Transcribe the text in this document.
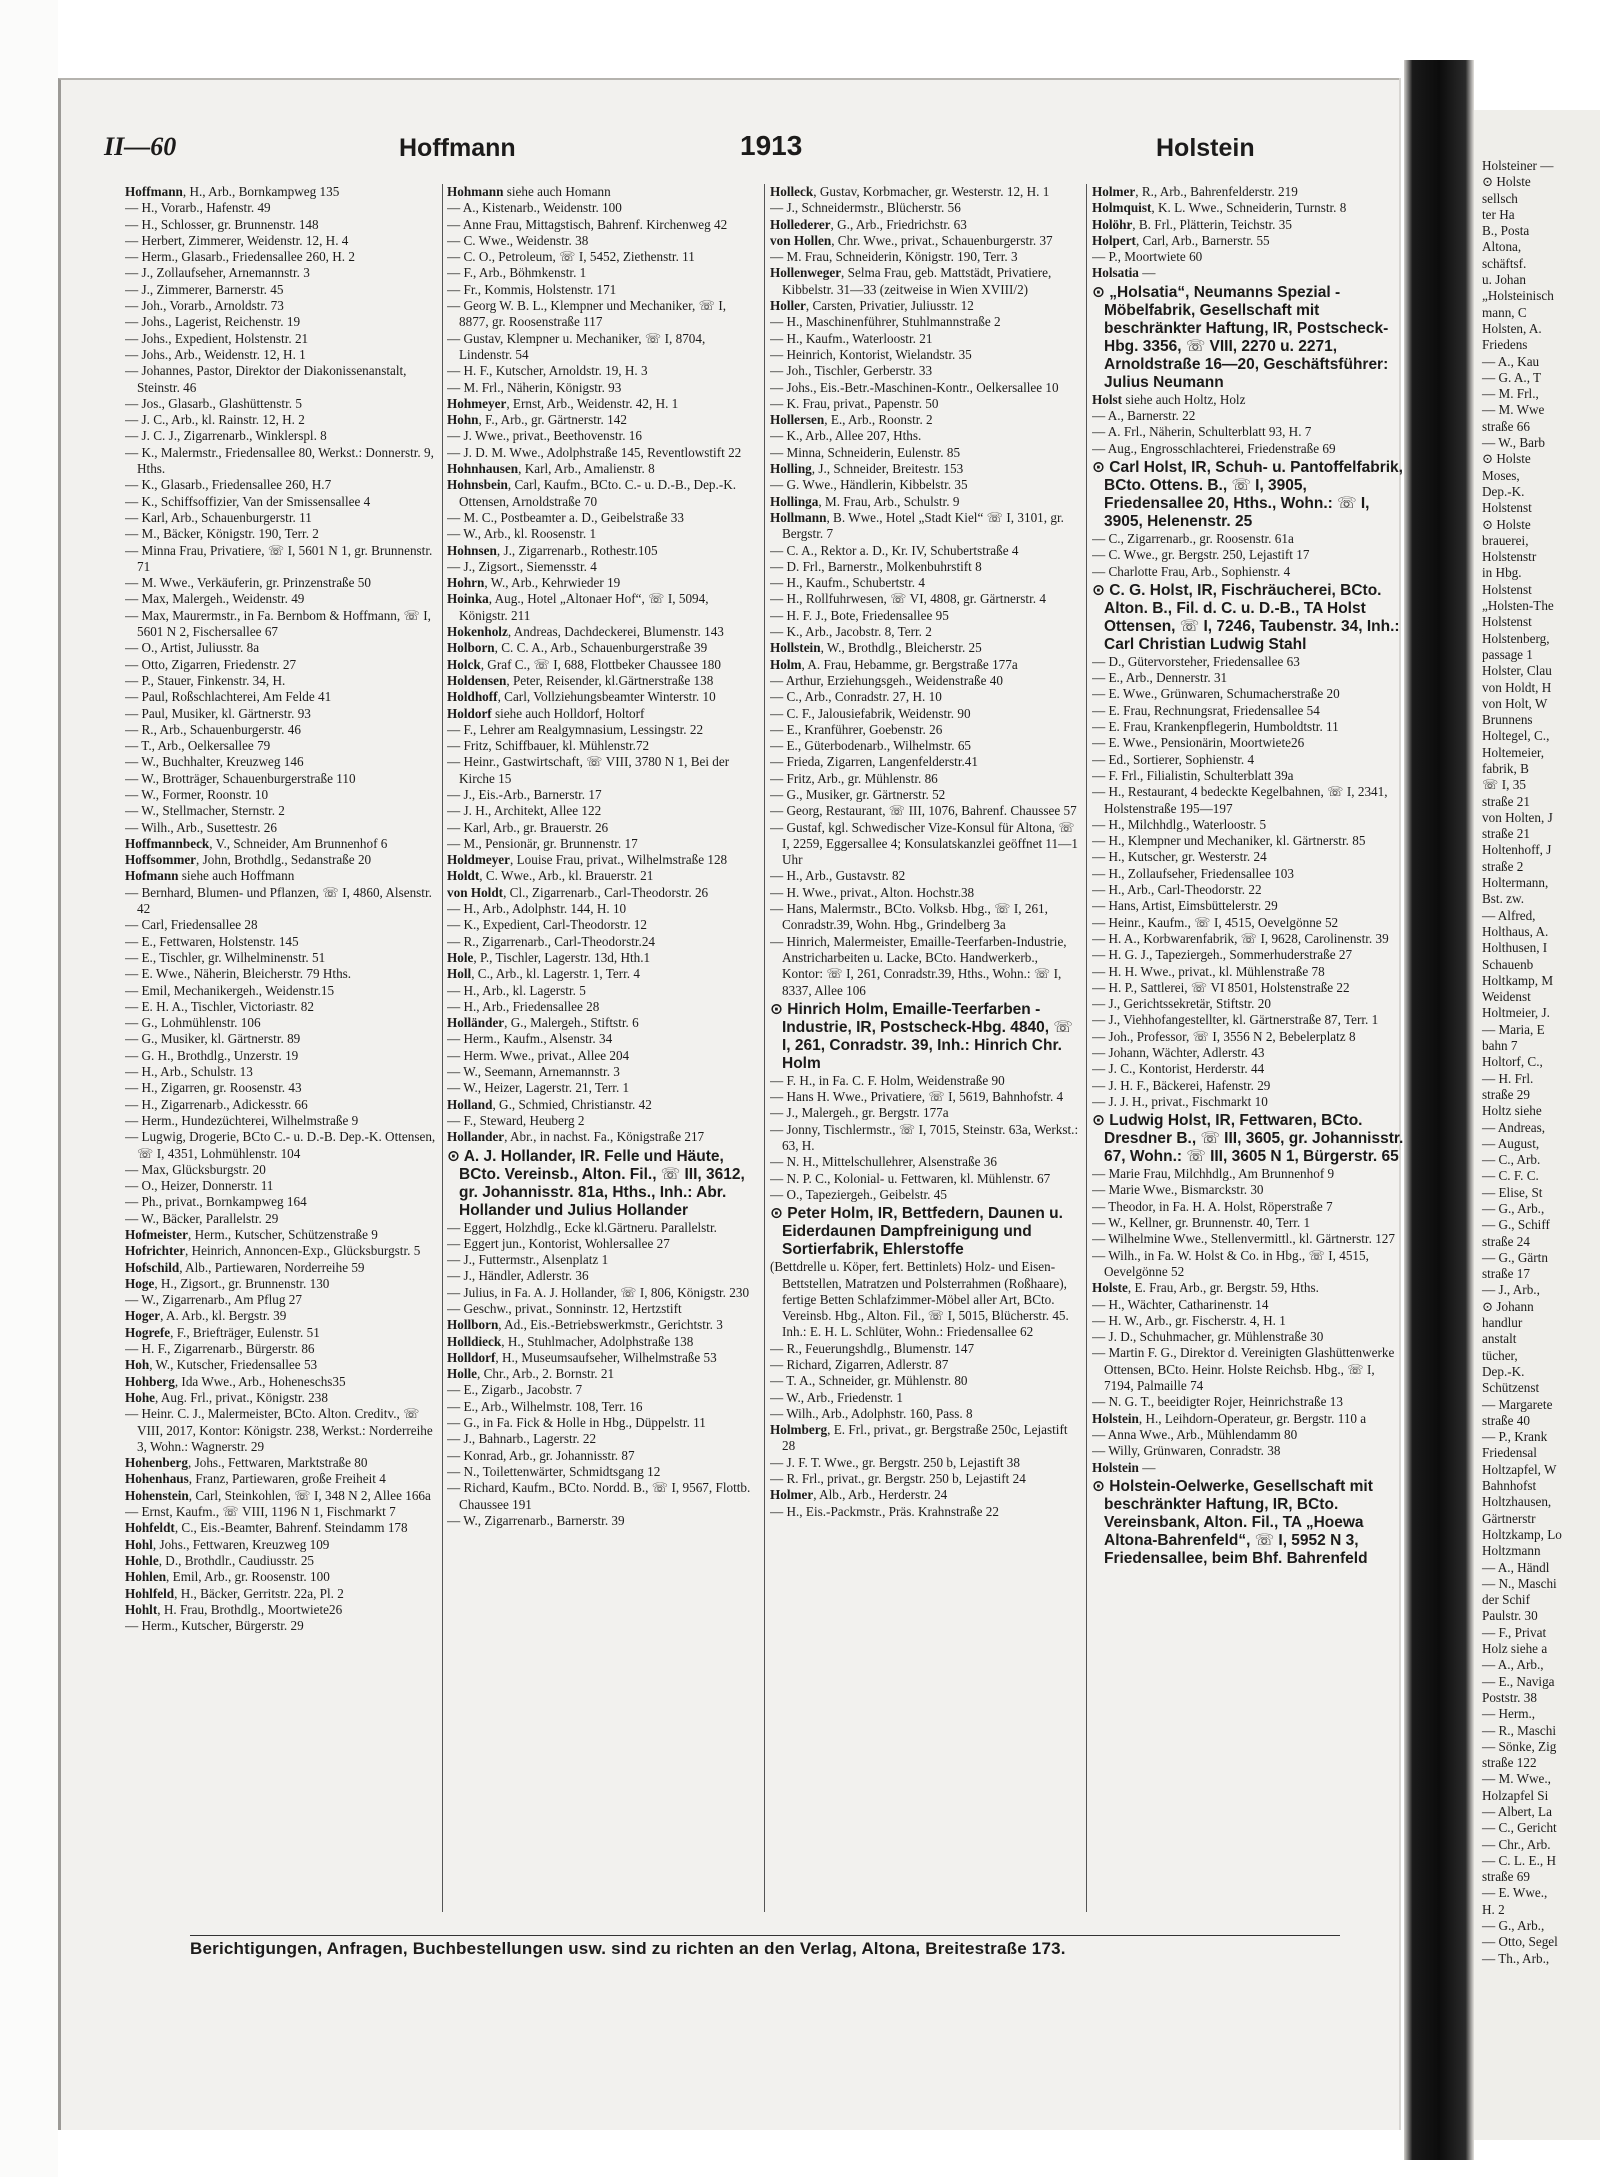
Holsteiner —

⊙ Holste

sellsch

ter Ha

B., Posta

Altona,

schäftsf.

u. Johan

„Holsteinisch

mann, C

Holsten, A.

Friedens

— A., Kau

— G. A., T

— M. Frl.,

— M. Wwe

straße 66

— W., Barb

⊙ Holste

Moses,

Dep.-K.

Holstenst

⊙ Holste

brauerei,

Holstenstr

in Hbg.

Holstenst

„Holsten-The

Holstenst

Holstenberg,

passage 1

Holster, Clau

von Holdt, H

von Holt, W

Brunnens

Holtegel, C.,

Holtemeier,

fabrik, B

☏ I, 35

straße 21

von Holten, J

straße 21

Holtenhoff, J

straße 2

Holtermann,

Bst. zw.

— Alfred,

Holthaus, A.

Holthusen, I

Schauenb

Holtkamp, M

Weidenst

Holtmeier, J.

— Maria, E

bahn 7

Holtorf, C.,

— H. Frl.

straße 29

Holtz siehe

— Andreas,

— August,

— C., Arb.

— C. F. C.

— Elise, St

— G., Arb.,

— G., Schiff

straße 24

— G., Gärtn

straße 17

— J., Arb.,

⊙ Johann

handlur

anstalt

tücher,

Dep.-K.

Schützenst

— Margarete

straße 40

— P., Krank

Friedensal

Holtzapfel, W

Bahnhofst

Holtzhausen,

Gärtnerstr

Holtzkamp, Lo

Holtzmann

— A., Händl

— N., Maschi

der Schif

Paulstr. 30

— F., Privat

Holz siehe a

— A., Arb.,

— E., Naviga

Poststr. 38

— Herm.,

— R., Maschi

— Sönke, Zig

straße 122

— M. Wwe.,

Holzapfel Si

— Albert, La

— C., Gericht

— Chr., Arb.

— C. L. E., H

straße 69

— E. Wwe.,

H. 2

— G., Arb.,

— Otto, Segel

— Th., Arb.,

II—60	Hoffmann	1913	Holstein

Hoffmann, H., Arb., Bornkampweg 135

— H., Vorarb., Hafenstr. 49

— H., Schlosser, gr. Brunnenstr. 148

— Herbert, Zimmerer, Weidenstr. 12, H. 4

— Herm., Glasarb., Friedensallee 260, H. 2

— J., Zollaufseher, Arnemannstr. 3

— J., Zimmerer, Barnerstr. 45

— Joh., Vorarb., Arnoldstr. 73

— Johs., Lagerist, Reichenstr. 19

— Johs., Expedient, Holstenstr. 21

— Johs., Arb., Weidenstr. 12, H. 1

— Johannes, Pastor, Direktor der Diakonissenanstalt, Steinstr. 46

— Jos., Glasarb., Glashüttenstr. 5

— J. C., Arb., kl. Rainstr. 12, H. 2

— J. C. J., Zigarrenarb., Winklerspl. 8

— K., Malermstr., Friedensallee 80, Werkst.: Donnerstr. 9, Hths.

— K., Glasarb., Friedensallee 260, H.7

— K., Schiffsoffizier, Van der Smissensallee 4

— Karl, Arb., Schauenburgerstr. 11

— M., Bäcker, Königstr. 190, Terr. 2

— Minna Frau, Privatiere, ☏ I, 5601 N 1, gr. Brunnenstr. 71

— M. Wwe., Verkäuferin, gr. Prinzenstraße 50

— Max, Malergeh., Weidenstr. 49

— Max, Maurermstr., in Fa. Bernbom & Hoffmann, ☏ I, 5601 N 2, Fischersallee 67

— O., Artist, Juliusstr. 8a

— Otto, Zigarren, Friedenstr. 27

— P., Stauer, Finkenstr. 34, H.

— Paul, Roßschlachterei, Am Felde 41

— Paul, Musiker, kl. Gärtnerstr. 93

— R., Arb., Schauenburgerstr. 46

— T., Arb., Oelkersallee 79

— W., Buchhalter, Kreuzweg 146

— W., Brotträger, Schauenburgerstraße 110

— W., Former, Roonstr. 10

— W., Stellmacher, Sternstr. 2

— Wilh., Arb., Susettestr. 26

Hoffmannbeck, V., Schneider, Am Brunnenhof 6

Hoffsommer, John, Brothdlg., Sedanstraße 20

Hofmann siehe auch Hoffmann

— Bernhard, Blumen- und Pflanzen, ☏ I, 4860, Alsenstr. 42

— Carl, Friedensallee 28

— E., Fettwaren, Holstenstr. 145

— E., Tischler, gr. Wilhelminenstr. 51

— E. Wwe., Näherin, Bleicherstr. 79 Hths.

— Emil, Mechanikergeh., Weidenstr.15

— E. H. A., Tischler, Victoriastr. 82

— G., Lohmühlenstr. 106

— G., Musiker, kl. Gärtnerstr. 89

— G. H., Brothdlg., Unzerstr. 19

— H., Arb., Schulstr. 13

— H., Zigarren, gr. Roosenstr. 43

— H., Zigarrenarb., Adickesstr. 66

— Herm., Hundezüchterei, Wilhelmstraße 9

— Lugwig, Drogerie, BCto C.- u. D.-B. Dep.-K. Ottensen, ☏ I, 4351, Lohmühlenstr. 104

— Max, Glücksburgstr. 20

— O., Heizer, Donnerstr. 11

— Ph., privat., Bornkampweg 164

— W., Bäcker, Parallelstr. 29

Hofmeister, Herm., Kutscher, Schützenstraße 9

Hofrichter, Heinrich, Annoncen-Exp., Glücksburgstr. 5

Hofschild, Alb., Partiewaren, Norderreihe 59

Hoge, H., Zigsort., gr. Brunnenstr. 130

— W., Zigarrenarb., Am Pflug 27

Hoger, A. Arb., kl. Bergstr. 39

Hogrefe, F., Briefträger, Eulenstr. 51

— H. F., Zigarrenarb., Bürgerstr. 86

Hoh, W., Kutscher, Friedensallee 53

Hohberg, Ida Wwe., Arb., Hoheneschs35

Hohe, Aug. Frl., privat., Königstr. 238

— Heinr. C. J., Malermeister, BCto. Alton. Creditv., ☏ VIII, 2017, Kontor: Königstr. 238, Werkst.: Norderreihe 3, Wohn.: Wagnerstr. 29

Hohenberg, Johs., Fettwaren, Marktstraße 80

Hohenhaus, Franz, Partiewaren, große Freiheit 4

Hohenstein, Carl, Steinkohlen, ☏ I, 348 N 2, Allee 166a

— Ernst, Kaufm., ☏ VIII, 1196 N 1, Fischmarkt 7

Hohfeldt, C., Eis.-Beamter, Bahrenf. Steindamm 178

Hohl, Johs., Fettwaren, Kreuzweg 109

Hohle, D., Brothdlr., Caudiusstr. 25

Hohlen, Emil, Arb., gr. Roosenstr. 100

Hohlfeld, H., Bäcker, Gerritstr. 22a, Pl. 2

Hohlt, H. Frau, Brothdlg., Moortwiete26

— Herm., Kutscher, Bürgerstr. 29

Hohmann siehe auch Homann

— A., Kistenarb., Weidenstr. 100

— Anne Frau, Mittagstisch, Bahrenf. Kirchenweg 42

— C. Wwe., Weidenstr. 38

— C. O., Petroleum, ☏ I, 5452, Ziethenstr. 11

— F., Arb., Böhmkenstr. 1

— Fr., Kommis, Holstenstr. 171

— Georg W. B. L., Klempner und Mechaniker, ☏ I, 8877, gr. Roosenstraße 117

— Gustav, Klempner u. Mechaniker, ☏ I, 8704, Lindenstr. 54

— H. F., Kutscher, Arnoldstr. 19, H. 3

— M. Frl., Näherin, Königstr. 93

Hohmeyer, Ernst, Arb., Weidenstr. 42, H. 1

Hohn, F., Arb., gr. Gärtnerstr. 142

— J. Wwe., privat., Beethovenstr. 16

— J. D. M. Wwe., Adolphstraße 145, Reventlowstift 22

Hohnhausen, Karl, Arb., Amalienstr. 8

Hohnsbein, Carl, Kaufm., BCto. C.- u. D.-B., Dep.-K. Ottensen, Arnoldstraße 70

— M. C., Postbeamter a. D., Geibelstraße 33

— W., Arb., kl. Roosenstr. 1

Hohnsen, J., Zigarrenarb., Rothestr.105

— J., Zigsort., Siemensstr. 4

Hohrn, W., Arb., Kehrwieder 19

Hoinka, Aug., Hotel „Altonaer Hof“, ☏ I, 5094, Königstr. 211

Hokenholz, Andreas, Dachdeckerei, Blumenstr. 143

Holborn, C. C. A., Arb., Schauenburgerstraße 39

Holck, Graf C., ☏ I, 688, Flottbeker Chaussee 180

Holdensen, Peter, Reisender, kl.Gärtnerstraße 138

Holdhoff, Carl, Vollziehungsbeamter Winterstr. 10

Holdorf siehe auch Holldorf, Holtorf

— F., Lehrer am Realgymnasium, Lessingstr. 22

— Fritz, Schiffbauer, kl. Mühlenstr.72

— Heinr., Gastwirtschaft, ☏ VIII, 3780 N 1, Bei der Kirche 15

— J., Eis.-Arb., Barnerstr. 17

— J. H., Architekt, Allee 122

— Karl, Arb., gr. Brauerstr. 26

— M., Pensionär, gr. Brunnenstr. 17

Holdmeyer, Louise Frau, privat., Wilhelmstraße 128

Holdt, C. Wwe., Arb., kl. Brauerstr. 21

von Holdt, Cl., Zigarrenarb., Carl-Theodorstr. 26

— H., Arb., Adolphstr. 144, H. 10

— K., Expedient, Carl-Theodorstr. 12

— R., Zigarrenarb., Carl-Theodorstr.24

Hole, P., Tischler, Lagerstr. 13d, Hth.1

Holl, C., Arb., kl. Lagerstr. 1, Terr. 4

— H., Arb., kl. Lagerstr. 5

— H., Arb., Friedensallee 28

Holländer, G., Malergeh., Stiftstr. 6

— Herm., Kaufm., Alsenstr. 34

— Herm. Wwe., privat., Allee 204

— W., Seemann, Arnemannstr. 3

— W., Heizer, Lagerstr. 21, Terr. 1

Holland, G., Schmied, Christianstr. 42

— F., Steward, Heuberg 2

Hollander, Abr., in nachst. Fa., Königstraße 217

⊙ A. J. Hollander, IR. Felle und Häute, BCto. Vereinsb., Alton. Fil., ☏ III, 3612, gr. Johannisstr. 81a, Hths., Inh.: Abr. Hollander und Julius Hollander

— Eggert, Holzhdlg., Ecke kl.Gärtneru. Parallelstr.

— Eggert jun., Kontorist, Wohlersallee 27

— J., Futtermstr., Alsenplatz 1

— J., Händler, Adlerstr. 36

— Julius, in Fa. A. J. Hollander, ☏ I, 806, Königstr. 230

— Geschw., privat., Sonninstr. 12, Hertzstift

Hollborn, Ad., Eis.-Betriebswerkmstr., Gerichtstr. 3

Holldieck, H., Stuhlmacher, Adolphstraße 138

Holldorf, H., Museumsaufseher, Wilhelmstraße 53

Holle, Chr., Arb., 2. Bornstr. 21

— E., Zigarb., Jacobstr. 7

— E., Arb., Wilhelmstr. 108, Terr. 16

— G., in Fa. Fick & Holle in Hbg., Düppelstr. 11

— J., Bahnarb., Lagerstr. 22

— Konrad, Arb., gr. Johannisstr. 87

— N., Toilettenwärter, Schmidtsgang 12

— Richard, Kaufm., BCto. Nordd. B., ☏ I, 9567, Flottb. Chaussee 191

— W., Zigarrenarb., Barnerstr. 39

Holleck, Gustav, Korbmacher, gr. Westerstr. 12, H. 1

— J., Schneidermstr., Blücherstr. 56

Hollederer, G., Arb., Friedrichstr. 63

von Hollen, Chr. Wwe., privat., Schauenburgerstr. 37

— M. Frau, Schneiderin, Königstr. 190, Terr. 3

Hollenweger, Selma Frau, geb. Mattstädt, Privatiere, Kibbelstr. 31—33 (zeitweise in Wien XVIII/2)

Holler, Carsten, Privatier, Juliusstr. 12

— H., Maschinenführer, Stuhlmannstraße 2

— H., Kaufm., Waterloostr. 21

— Heinrich, Kontorist, Wielandstr. 35

— Joh., Tischler, Gerberstr. 33

— Johs., Eis.-Betr.-Maschinen-Kontr., Oelkersallee 10

— K. Frau, privat., Papenstr. 50

Hollersen, E., Arb., Roonstr. 2

— K., Arb., Allee 207, Hths.

— Minna, Schneiderin, Eulenstr. 85

Holling, J., Schneider, Breitestr. 153

— G. Wwe., Händlerin, Kibbelstr. 35

Hollinga, M. Frau, Arb., Schulstr. 9

Hollmann, B. Wwe., Hotel „Stadt Kiel“ ☏ I, 3101, gr. Bergstr. 7

— C. A., Rektor a. D., Kr. IV, Schubertstraße 4

— D. Frl., Barnerstr., Molkenbuhrstift 8

— H., Kaufm., Schubertstr. 4

— H., Rollfuhrwesen, ☏ VI, 4808, gr. Gärtnerstr. 4

— H. F. J., Bote, Friedensallee 95

— K., Arb., Jacobstr. 8, Terr. 2

Hollstein, W., Brothdlg., Bleicherstr. 25

Holm, A. Frau, Hebamme, gr. Bergstraße 177a

— Arthur, Erziehungsgeh., Weidenstraße 40

— C., Arb., Conradstr. 27, H. 10

— C. F., Jalousiefabrik, Weidenstr. 90

— E., Kranführer, Goebenstr. 26

— E., Güterbodenarb., Wilhelmstr. 65

— Frieda, Zigarren, Langenfelderstr.41

— Fritz, Arb., gr. Mühlenstr. 86

— G., Musiker, gr. Gärtnerstr. 52

— Georg, Restaurant, ☏ III, 1076, Bahrenf. Chaussee 57

— Gustaf, kgl. Schwedischer Vize-Konsul für Altona, ☏ I, 2259, Eggersallee 4; Konsulatskanzlei geöffnet 11—1 Uhr

— H., Arb., Gustavstr. 82

— H. Wwe., privat., Alton. Hochstr.38

— Hans, Malermstr., BCto. Volksb. Hbg., ☏ I, 261, Conradstr.39, Wohn. Hbg., Grindelberg 3a

— Hinrich, Malermeister, Emaille-Teerfarben-Industrie, Anstricharbeiten u. Lacke, BCto. Handwerkerb., Kontor: ☏ I, 261, Conradstr.39, Hths., Wohn.: ☏ I, 8337, Allee 106

⊙ Hinrich Holm, Emaille-Teerfarben - Industrie, IR, Postscheck-Hbg. 4840, ☏ I, 261, Conradstr. 39, Inh.: Hinrich Chr. Holm

— F. H., in Fa. C. F. Holm, Weidenstraße 90

— Hans H. Wwe., Privatiere, ☏ I, 5619, Bahnhofstr. 4

— J., Malergeh., gr. Bergstr. 177a

— Jonny, Tischlermstr., ☏ I, 7015, Steinstr. 63a, Werkst.: 63, H.

— N. H., Mittelschullehrer, Alsenstraße 36

— N. P. C., Kolonial- u. Fettwaren, kl. Mühlenstr. 67

— O., Tapeziergeh., Geibelstr. 45

⊙ Peter Holm, IR, Bettfedern, Daunen u. Eiderdaunen Dampfreinigung und Sortierfabrik, Ehlerstoffe

(Bettdrelle u. Köper, fert. Bettinlets) Holz- und Eisen-Bettstellen, Matratzen und Polsterrahmen (Roßhaare), fertige Betten Schlafzimmer-Möbel aller Art, BCto. Vereinsb. Hbg., Alton. Fil., ☏ I, 5015, Blücherstr. 45. Inh.: E. H. L. Schlüter, Wohn.: Friedensallee 62

— R., Feuerungshdlg., Blumenstr. 147

— Richard, Zigarren, Adlerstr. 87

— T. A., Schneider, gr. Mühlenstr. 80

— W., Arb., Friedenstr. 1

— Wilh., Arb., Adolphstr. 160, Pass. 8

Holmberg, E. Frl., privat., gr. Bergstraße 250c, Lejastift 28

— J. F. T. Wwe., gr. Bergstr. 250 b, Lejastift 38

— R. Frl., privat., gr. Bergstr. 250 b, Lejastift 24

Holmer, Alb., Arb., Herderstr. 24

— H., Eis.-Packmstr., Präs. Krahnstraße 22

Holmer, R., Arb., Bahrenfelderstr. 219

Holmquist, K. L. Wwe., Schneiderin, Turnstr. 8

Holöhr, B. Frl., Plätterin, Teichstr. 35

Holpert, Carl, Arb., Barnerstr. 55

— P., Moortwiete 60

Holsatia —

⊙ „Holsatia“, Neumanns Spezial - Möbelfabrik, Gesellschaft mit beschränkter Haftung, IR, Postscheck-Hbg. 3356, ☏ VIII, 2270 u. 2271, Arnoldstraße 16—20, Geschäftsführer: Julius Neumann

Holst siehe auch Holtz, Holz

— A., Barnerstr. 22

— A. Frl., Näherin, Schulterblatt 93, H. 7

— Aug., Engrosschlachterei, Friedenstraße 69

⊙ Carl Holst, IR, Schuh- u. Pantoffelfabrik, BCto. Ottens. B., ☏ I, 3905, Friedensallee 20, Hths., Wohn.: ☏ I, 3905, Helenenstr. 25

— C., Zigarrenarb., gr. Roosenstr. 61a

— C. Wwe., gr. Bergstr. 250, Lejastift 17

— Charlotte Frau, Arb., Sophienstr. 4

⊙ C. G. Holst, IR, Fischräucherei, BCto. Alton. B., Fil. d. C. u. D.-B., TA Holst Ottensen, ☏ I, 7246, Taubenstr. 34, Inh.: Carl Christian Ludwig Stahl

— D., Gütervorsteher, Friedensallee 63

— E., Arb., Dennerstr. 31

— E. Wwe., Grünwaren, Schumacherstraße 20

— E. Frau, Rechnungsrat, Friedensallee 54

— E. Frau, Krankenpflegerin, Humboldtstr. 11

— E. Wwe., Pensionärin, Moortwiete26

— Ed., Sortierer, Sophienstr. 4

— F. Frl., Filialistin, Schulterblatt 39a

— H., Restaurant, 4 bedeckte Kegelbahnen, ☏ I, 2341, Holstenstraße 195—197

— H., Milchhdlg., Waterloostr. 5

— H., Klempner und Mechaniker, kl. Gärtnerstr. 85

— H., Kutscher, gr. Westerstr. 24

— H., Zollaufseher, Friedensallee 103

— H., Arb., Carl-Theodorstr. 22

— Hans, Artist, Eimsbüttelerstr. 29

— Heinr., Kaufm., ☏ I, 4515, Oevelgönne 52

— H. A., Korbwarenfabrik, ☏ I, 9628, Carolinenstr. 39

— H. G. J., Tapeziergeh., Sommerhuderstraße 27

— H. H. Wwe., privat., kl. Mühlenstraße 78

— H. P., Sattlerei, ☏ VI 8501, Holstenstraße 22

— J., Gerichtssekretär, Stiftstr. 20

— J., Viehhofangestellter, kl. Gärtnerstraße 87, Terr. 1

— Joh., Professor, ☏ I, 3556 N 2, Bebelerplatz 8

— Johann, Wächter, Adlerstr. 43

— J. C., Kontorist, Herderstr. 44

— J. H. F., Bäckerei, Hafenstr. 29

— J. J. H., privat., Fischmarkt 10

⊙ Ludwig Holst, IR, Fettwaren, BCto. Dresdner B., ☏ III, 3605, gr. Johannisstr. 67, Wohn.: ☏ III, 3605 N 1, Bürgerstr. 65

— Marie Frau, Milchhdlg., Am Brunnenhof 9

— Marie Wwe., Bismarckstr. 30

— Theodor, in Fa. H. A. Holst, Röperstraße 7

— W., Kellner, gr. Brunnenstr. 40, Terr. 1

— Wilhelmine Wwe., Stellenvermittl., kl. Gärtnerstr. 127

— Wilh., in Fa. W. Holst & Co. in Hbg., ☏ I, 4515, Oevelgönne 52

Holste, E. Frau, Arb., gr. Bergstr. 59, Hths.

— H., Wächter, Catharinenstr. 14

— H. W., Arb., gr. Fischerstr. 4, H. 1

— J. D., Schuhmacher, gr. Mühlenstraße 30

— Martin F. G., Direktor d. Vereinigten Glashüttenwerke Ottensen, BCto. Heinr. Holste Reichsb. Hbg., ☏ I, 7194, Palmaille 74

— N. G. T., beeidigter Rojer, Heinrichstraße 13

Holstein, H., Leihdorn-Operateur, gr. Bergstr. 110 a

— Anna Wwe., Arb., Mühlendamm 80

— Willy, Grünwaren, Conradstr. 38

Holstein —

⊙ Holstein-Oelwerke, Gesellschaft mit beschränkter Haftung, IR, BCto. Vereinsbank, Alton. Fil., TA „Hoewa Altona-Bahrenfeld“, ☏ I, 5952 N 3, Friedensallee, beim Bhf. Bahrenfeld

Berichtigungen, Anfragen, Buchbestellungen usw. sind zu richten an den Verlag, Altona, Breitestraße 173.
